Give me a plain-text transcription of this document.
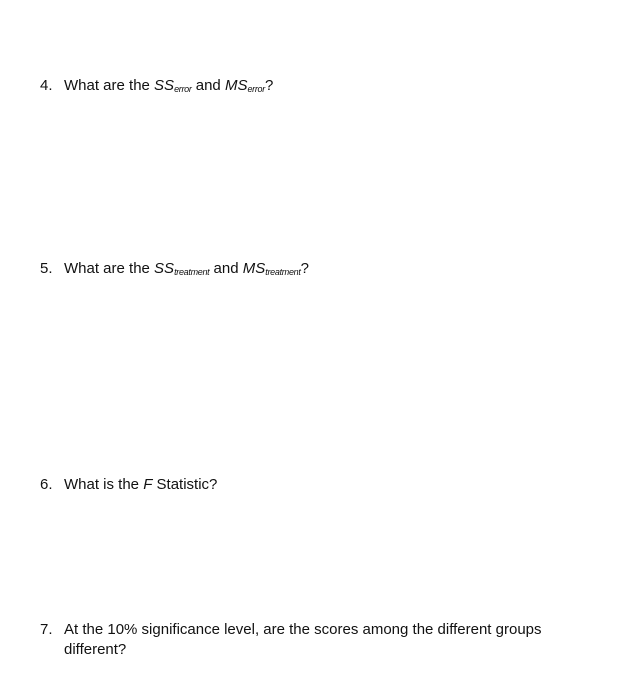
4. What are the $SS_{error}$ and $MS_{error}$?
5. What are the $SS_{treatment}$ and $MS_{treatment}$?
6. What is the F Statistic?
7. At the 10% significance level, are the scores among the different groups different?
